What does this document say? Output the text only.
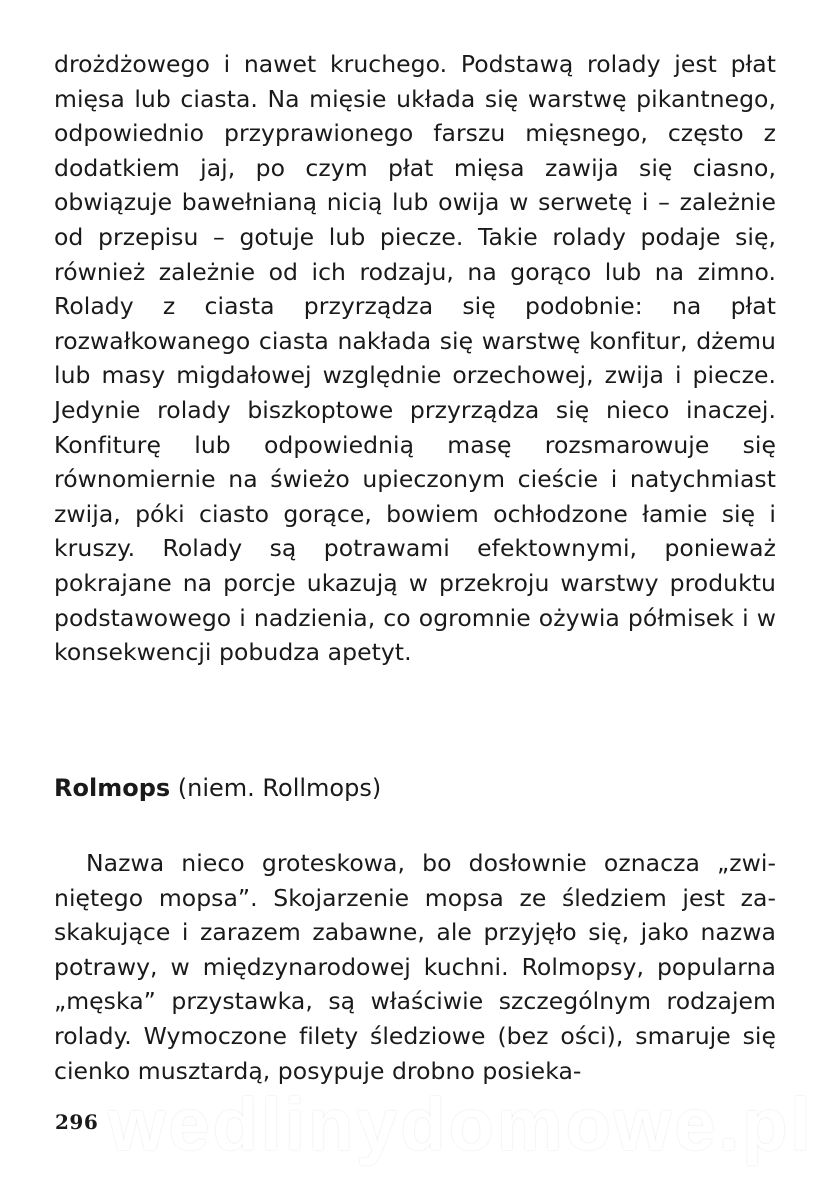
drożdżowego i nawet kruchego. Podstawą rolady jest płat mięsa lub ciasta. Na mięsie układa się warstwę pikantnego, odpowiednio przyprawionego farszu mięsnego, często z dodatkiem jaj, po czym płat mięsa zawija się ciasno, obwiązuje bawełnianą nicią lub owija w serwetę i – zależnie od przepisu – gotuje lub piecze. Takie rolady podaje się, również zależnie od ich rodzaju, na gorąco lub na zimno. Rolady z ciasta przyrządza się podobnie: na płat rozwałkowanego ciasta nakłada się warstwę konfitur, dżemu lub masy migdałowej względnie orzechowej, zwija i piecze. Jedynie rolady biszkoptowe przyrządza się nieco inaczej. Konfiturę lub odpowiednią masę rozsmarowuje się równomiernie na świeżo upieczonym cieście i natychmiast zwija, póki ciasto gorące, bowiem ochłodzone łamie się i kruszy. Rolady są potrawami efektownymi, ponieważ pokrajane na porcje ukazują w przekroju warstwy produktu podstawowego i nadzienia, co ogromnie ożywia półmisek i w konsekwencji pobudza apetyt.

Rolmops (niem. Rollmops)

Nazwa nieco groteskowa, bo dosłownie oznacza „zwiniętego mopsa”. Skojarzenie mopsa ze śledziem jest zaskakujące i zarazem zabawne, ale przyjęło się, jako nazwa potrawy, w międzynarodowej kuchni. Rolmopsy, popularna „męska” przystawka, są właściwie szczególnym rodzajem rolady. Wymoczone filety śledziowe (bez ości), smaruje się cienko musztardą, posypuje drobno posieka-

296 wedlinydomowe.pl
